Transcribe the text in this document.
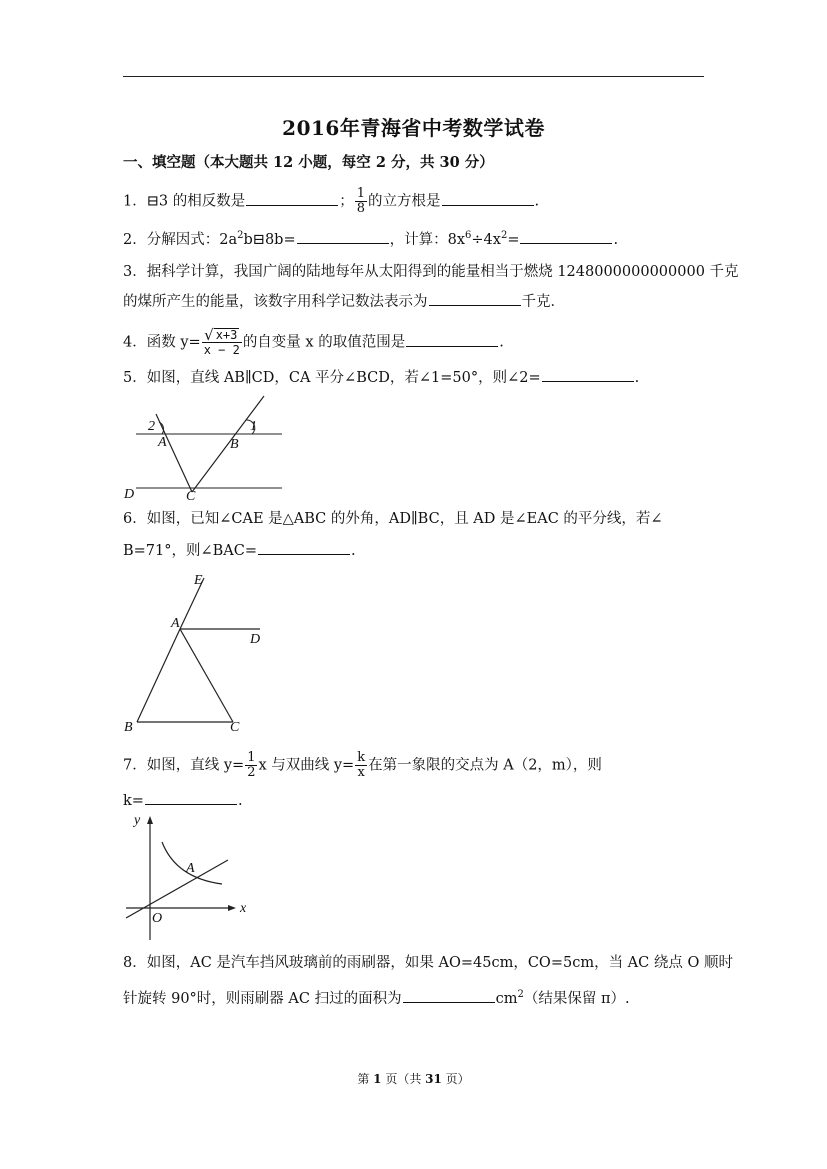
2016年青海省中考数学试卷
一、填空题（本大题共 12 小题，每空 2 分，共 30 分）
1．⊟3 的相反数是	； $\frac{1}{8}$ 的立方根是	.
2．分解因式：$2a^2b⊟8b=$	，计算：$8x^6\div 4x^2=$	.
3．据科学计算，我国广阔的陆地每年从太阳得到的能量相当于燃烧 1248000000000000 千克
的煤所产生的能量，该数字用科学记数法表示为	千克．
4．函数 $y= \frac{√ x+3}{x - 2}$ 的自变量 x 的取值范围是	.
5．如图，直线 AB∥CD，CA 平分∠BCD，若∠1=50°，则∠2=	.
2	1
A	B
C
D
6．如图，已知∠CAE 是△ABC 的外角，AD∥BC，且 AD 是∠EAC 的平分线，若∠
B=71°，则∠BAC=	.
E
A
D
B	C
7．如图，直线 $y= \frac{1}{2}$ x 与双曲线 $y= \frac{k}{x}$ 在第一象限的交点为 A（2，m），则
k=	.
y
x
O
A
8．如图，AC 是汽车挡风玻璃前的雨刷器，如果 AO=45cm，CO=5cm，当 AC 绕点 O 顺时
针旋转 90°时，则雨刷器 AC 扫过的面积为	$cm^2$（结果保留 π）.
第 1 页（共 31 页）
